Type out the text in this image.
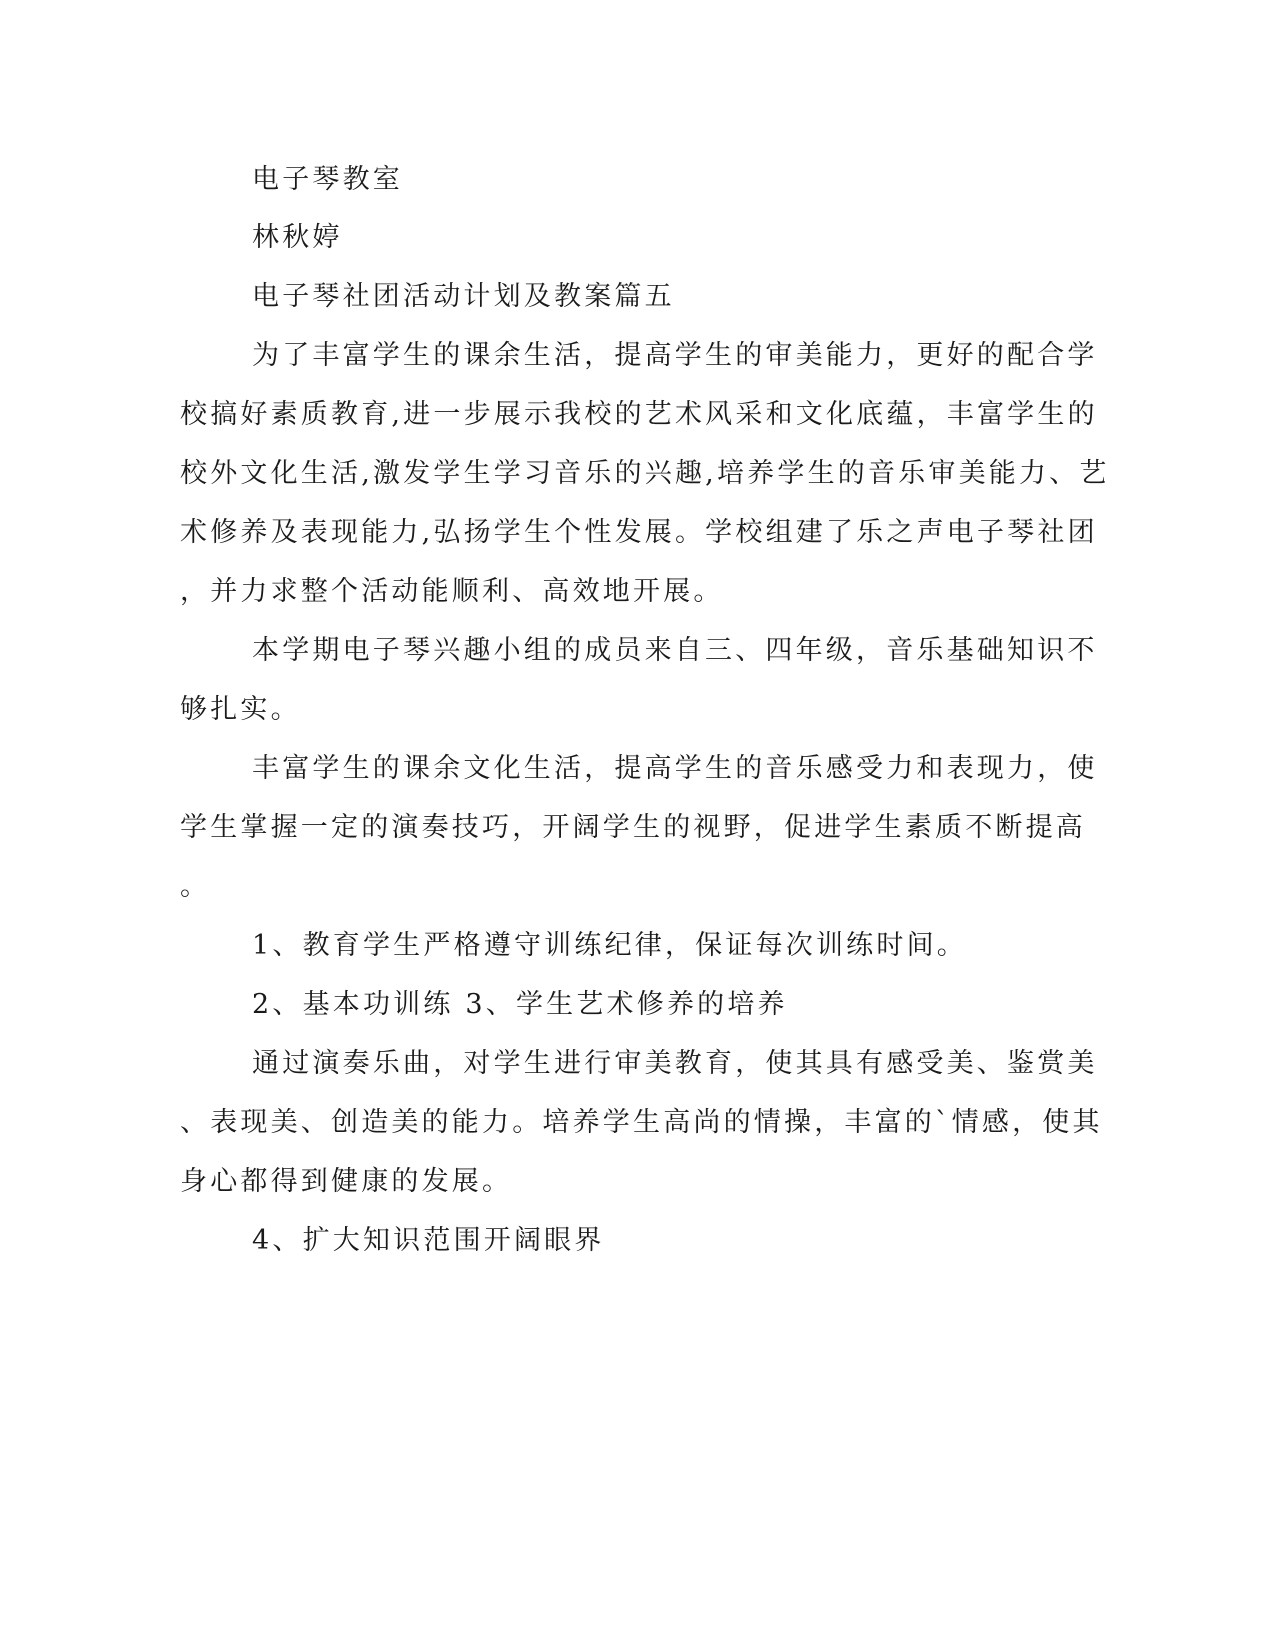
电子琴教室

林秋婷

电子琴社团活动计划及教案篇五

为了丰富学生的课余生活，提高学生的审美能力，更好的配合学

校搞好素质教育,进一步展示我校的艺术风采和文化底蕴，丰富学生的

校外文化生活,激发学生学习音乐的兴趣,培养学生的音乐审美能力、艺

术修养及表现能力,弘扬学生个性发展。学校组建了乐之声电子琴社团

，并力求整个活动能顺利、高效地开展。

本学期电子琴兴趣小组的成员来自三、四年级，音乐基础知识不

够扎实。

丰富学生的课余文化生活，提高学生的音乐感受力和表现力，使

学生掌握一定的演奏技巧，开阔学生的视野，促进学生素质不断提高

。

1、教育学生严格遵守训练纪律，保证每次训练时间。

2、基本功训练 3、学生艺术修养的培养

通过演奏乐曲，对学生进行审美教育，使其具有感受美、鉴赏美

、表现美、创造美的能力。培养学生高尚的情操，丰富的`情感，使其

身心都得到健康的发展。

4、扩大知识范围开阔眼界
